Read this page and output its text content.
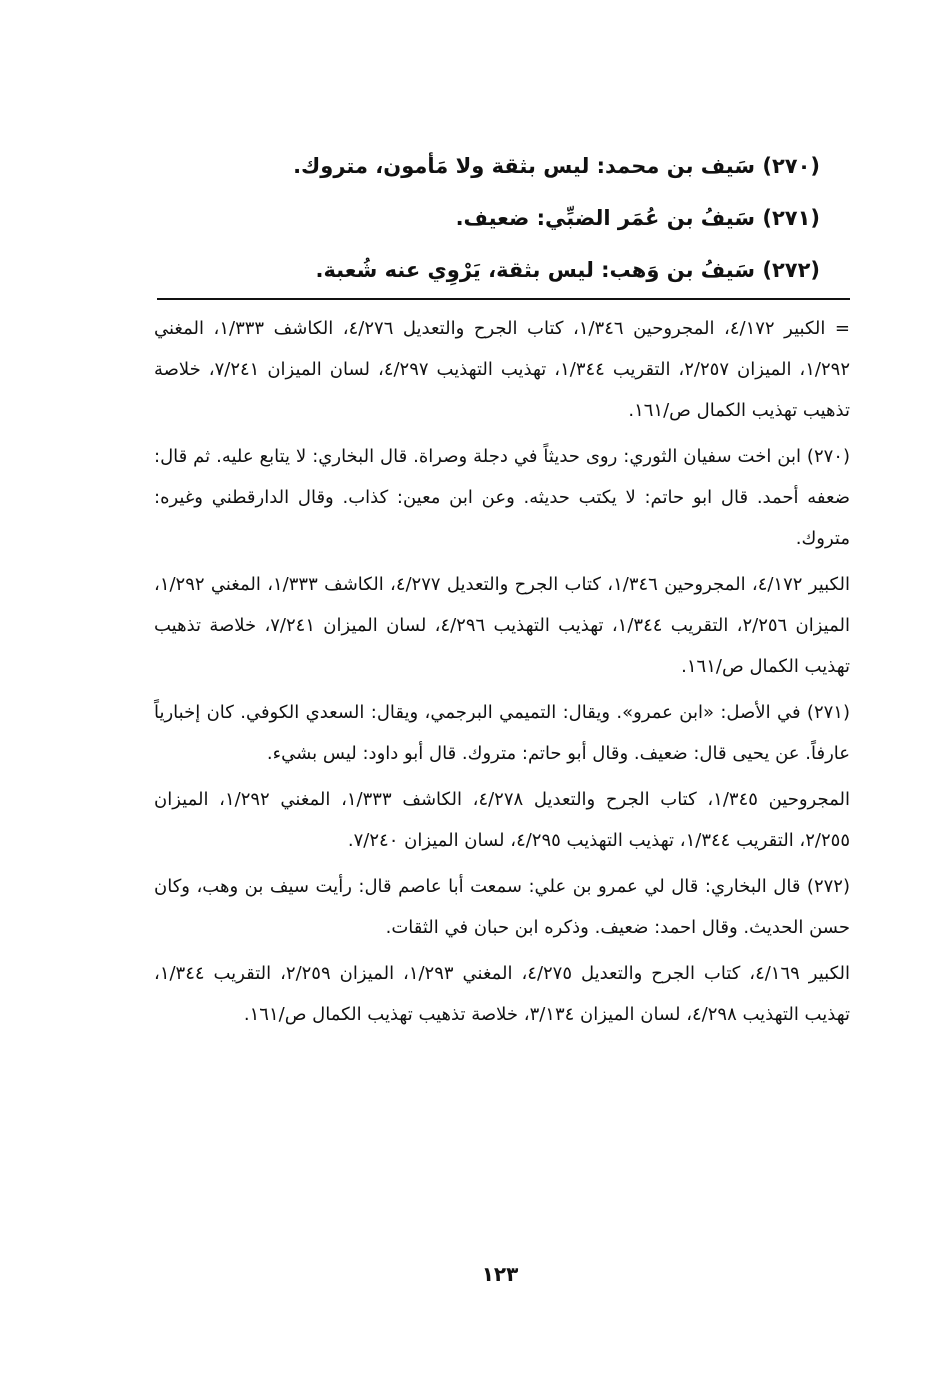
(٢٧٠) سَيف بن محمد: ليس بثقة ولا مَأمون، متروك.
(٢٧١) سَيفُ بن عُمَر الضبِّي: ضعيف.
(٢٧٢) سَيفُ بن وَهب: ليس بثقة، يَرْوِي عنه شُعبة.

= الكبير ٤/١٧٢، المجروحين ١/٣٤٦، كتاب الجرح والتعديل ٤/٢٧٦، الكاشف ١/٣٣٣، المغني ١/٢٩٢، الميزان ٢/٢٥٧، التقريب ١/٣٤٤، تهذيب التهذيب ٤/٢٩٧، لسان الميزان ٧/٢٤١، خلاصة تذهيب تهذيب الكمال ص/١٦١.

(٢٧٠) ابن اخت سفيان الثوري: روى حديثاً في دجلة وصراة. قال البخاري: لا يتابع عليه. ثم قال: ضعفه أحمد. قال ابو حاتم: لا يكتب حديثه. وعن ابن معين: كذاب. وقال الدارقطني وغيره: متروك.

الكبير ٤/١٧٢، المجروحين ١/٣٤٦، كتاب الجرح والتعديل ٤/٢٧٧، الكاشف ١/٣٣٣، المغني ١/٢٩٢، الميزان ٢/٢٥٦، التقريب ١/٣٤٤، تهذيب التهذيب ٤/٢٩٦، لسان الميزان ٧/٢٤١، خلاصة تذهيب تهذيب الكمال ص/١٦١.

(٢٧١) في الأصل: «ابن عمرو». ويقال: التميمي البرجمي، ويقال: السعدي الكوفي. كان إخبارياً عارفاً. عن يحيى قال: ضعيف. وقال أبو حاتم: متروك. قال أبو داود: ليس بشيء.

المجروحين ١/٣٤٥، كتاب الجرح والتعديل ٤/٢٧٨، الكاشف ١/٣٣٣، المغني ١/٢٩٢، الميزان ٢/٢٥٥، التقريب ١/٣٤٤، تهذيب التهذيب ٤/٢٩٥، لسان الميزان ٧/٢٤٠.

(٢٧٢) قال البخاري: قال لي عمرو بن علي: سمعت أبا عاصم قال: رأيت سيف بن وهب، وكان حسن الحديث. وقال احمد: ضعيف. وذكره ابن حبان في الثقات.

الكبير ٤/١٦٩، كتاب الجرح والتعديل ٤/٢٧٥، المغني ١/٢٩٣، الميزان ٢/٢٥٩، التقريب ١/٣٤٤، تهذيب التهذيب ٤/٢٩٨، لسان الميزان ٣/١٣٤، خلاصة تذهيب تهذيب الكمال ص/١٦١.

١٢٣
